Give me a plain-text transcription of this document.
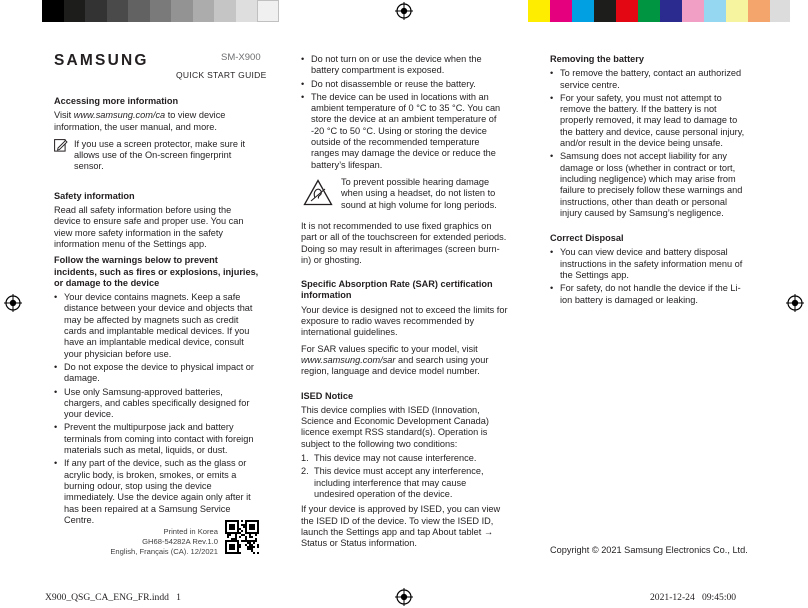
SAMSUNG	SM-X900
QUICK START GUIDE
Accessing more information

Visit www.samsung.com/ca to view device information, the user manual, and more.

If you use a screen protector, make sure it allows use of the On-screen fingerprint sensor.
Safety information

Read all safety information before using the device to ensure safe and proper use. You can view more safety information in the safety information menu of the Settings app.

Follow the warnings below to prevent incidents, such as fires or explosions, injuries, or damage to the device
• Your device contains magnets. Keep a safe distance between your device and objects that may be affected by magnets such as credit cards and implantable medical devices. If you have an implantable medical device, consult your physician before use.
• Do not expose the device to physical impact or damage.
• Use only Samsung-approved batteries, chargers, and cables specifically designed for your device.
• Prevent the multipurpose jack and battery terminals from coming into contact with foreign materials such as metal, liquids, or dust.
• If any part of the device, such as the glass or acrylic body, is broken, smokes, or emits a burning odour, stop using the device immediately. Use the device again only after it has been repaired at a Samsung Service Centre.
Printed in Korea
GH68-54282A Rev.1.0
English, Français (CA). 12/2021
• Do not turn on or use the device when the battery compartment is exposed.
• Do not disassemble or reuse the battery.
• The device can be used in locations with an ambient temperature of 0 °C to 35 °C. You can store the device at an ambient temperature of -20 °C to 50 °C. Using or storing the device outside of the recommended temperature ranges may damage the device or reduce the battery’s lifespan.
To prevent possible hearing damage when using a headset, do not listen to sound at high volume for long periods.

It is not recommended to use fixed graphics on part or all of the touchscreen for extended periods. Doing so may result in afterimages (screen burn-in) or ghosting.

Specific Absorption Rate (SAR) certification information

Your device is designed not to exceed the limits for exposure to radio waves recommended by international guidelines.

For SAR values specific to your model, visit www.samsung.com/sar and search using your region, language and device model number.

ISED Notice

This device complies with ISED (Innovation, Science and Economic Development Canada) licence exempt RSS standard(s). Operation is subject to the following two conditions:

1. This device may not cause interference.
2. This device must accept any interference, including interference that may cause undesired operation of the device.

If your device is approved by ISED, you can view the ISED ID of the device. To view the ISED ID, launch the Settings app and tap About tablet → Status or Status information.

Removing the battery
• To remove the battery, contact an authorized service centre.
• For your safety, you must not attempt to remove the battery. If the battery is not properly removed, it may lead to damage to the battery and device, cause personal injury, and/or result in the device being unsafe.
• Samsung does not accept liability for any damage or loss (whether in contract or tort, including negligence) which may arise from failure to precisely follow these warnings and instructions, other than death or personal injury caused by Samsung’s negligence.
Correct Disposal
• You can view device and battery disposal instructions in the safety information menu of the Settings app.
• For safety, do not handle the device if the Li-ion battery is damaged or leaking.
Copyright © 2021 Samsung Electronics Co., Ltd.
X900_QSG_CA_ENG_FR.indd   1	2021-12-24   09:45:00
